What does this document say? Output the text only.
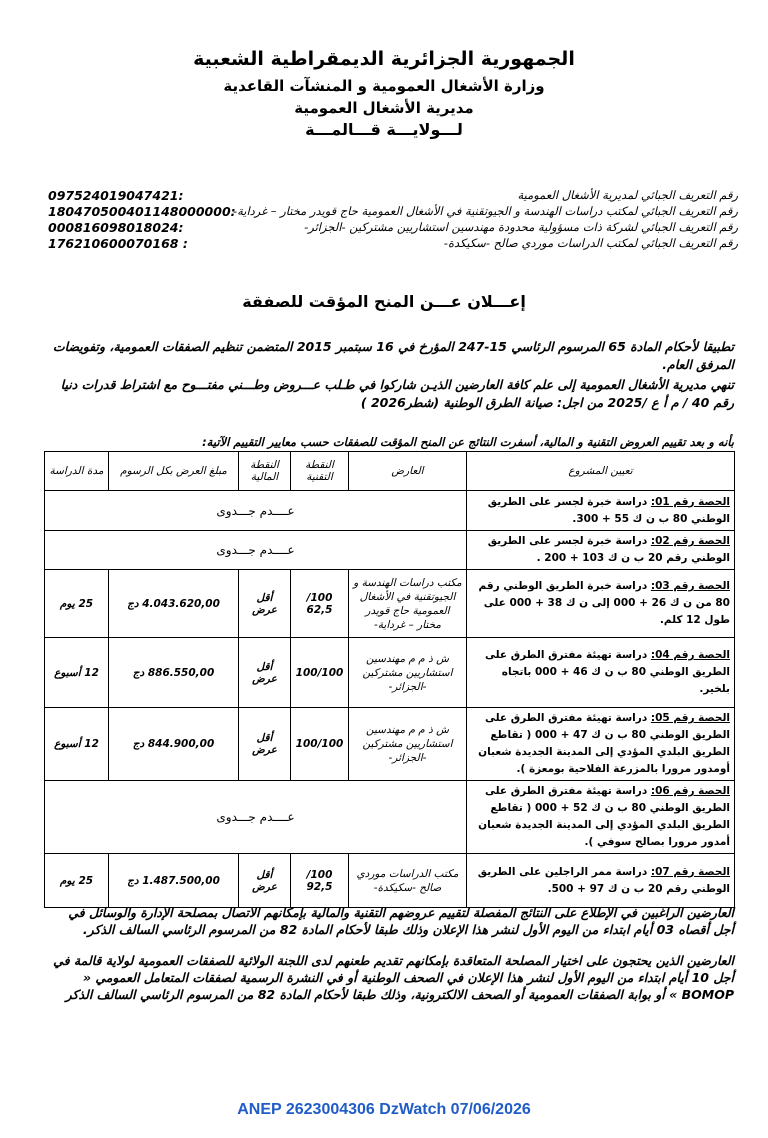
الجمهورية الجزائرية الديمقراطية الشعبية
وزارة الأشغال العمومية و المنشآت القاعدية
مديرية الأشغال العمومية
لـــولايـــة قـــالمـــة
رقم التعريف الجبائي لمديرية الأشغال العمومية
097524019047421:
رقم التعريف الجبائي لمكتب دراسات الهندسة و الجيوتقنية في الأشغال العمومية حاج قويدر مختار – غرداية-
180470500401148000000:
رقم التعريف الجبائي لشركة ذات مسؤولية محدودة مهندسين استشاريين مشتركين -الجزائر-
000816098018024:
رقم التعريف الجبائي لمكتب الدراسات موردي صالح -سكيكدة-
176210600070168 :
إعـــلان عـــن المنح المؤقت للصفقة
تطبيقا لأحكام المادة 65 المرسوم الرئاسي 15-247 المؤرخ في 16 سبتمبر 2015 المتضمن تنظيم الصفقات العمومية، وتفويضات المرفق العام.
تنهي مديرية الأشغال العمومية إلى علم كافة العارضين الذيـن شاركوا في طـلب عـــروض وطـــني مفتـــوح مع اشتراط قدرات دنيا رقم 40 / م أ ع /2025 من اجل: صيانة الطرق الوطنية (شطر2026 )
بأنه و بعد تقييم العروض التقنية و المالية، أسفرت النتائج عن المنح المؤقت للصفقات حسب معايير التقييم الآتية:
تعيين المشروع	العارض	النقطة التقنية	النقطة المالية	مبلغ العرض بكل الرسوم	مدة الدراسة
الحصة رقم 01: دراسة خبرة لجسر على الطريق الوطني 80 ب ن ك 55 + 300.	عــــدم جـــدوى				
الحصة رقم 02: دراسة خبرة لجسر على الطريق الوطني رقم 20 ب ن ك 103 + 200 .	عــــدم جـــدوى				
الحصة رقم 03: دراسة خبرة الطريق الوطني رقم 80 من ن ك 26 + 000 إلى ن ك 38 + 000 على طول 12 كلم.	مكتب دراسات الهندسة و الجيوتقنية في الأشغال العمومية حاج قويدر مختار – غرداية-	100/ 62,5	أقل عرض	4.043.620,00 دج	25 يوم
الحصة رقم 04: دراسة تهيئة مفترق الطرق على الطريق الوطني 80 ب ن ك 46 + 000 باتجاه بلخير.	ش ذ م م مهندسين استشاريين مشتركين -الجزائر-	100/100	أقل عرض	886.550,00 دج	12 أسبوع
الحصة رقم 05: دراسة تهيئة مفترق الطرق على الطريق الوطني 80 ب ن ك 47 + 000 ( تقاطع الطريق البلدي المؤدي إلى المدينة الجديدة شعبان أومدور مرورا بالمزرعة الفلاحية بومعزة ).	ش ذ م م مهندسين استشاريين مشتركين -الجزائر-	100/100	أقل عرض	844.900,00 دج	12 أسبوع
الحصة رقم 06: دراسة تهيئة مفترق الطرق على الطريق الوطني 80 ب ن ك 52 + 000 ( تقاطع الطريق البلدي المؤدي إلى المدينة الجديدة شعبان أمدور مرورا بصالح سوفي ).	عــــدم جـــدوى				
الحصة رقم 07: دراسة ممر الراجلين على الطريق الوطني رقم 20 ب ن ك 97 + 500.	مكتب الدراسات موردي صالح -سكيكدة-	100/ 92,5	أقل عرض	1.487.500,00 دج	25 يوم
العارضين الراغبين في الإطلاع على النتائج المفصلة لتقييم عروضهم التقنية والمالية بإمكانهم الاتصال بمصلحة الإدارة والوسائل في أجل أقصاه 03 أيام ابتداء من اليوم الأول لنشر هذا الإعلان وذلك طبقا لأحكام المادة 82 من المرسوم الرئاسي السالف الذكر.
العارضين الذين يحتجون على اختيار المصلحة المتعاقدة بإمكانهم تقديم طعنهم لدى اللجنة الولائية للصفقات العمومية لولاية قالمة في أجل 10 أيام ابتداء من اليوم الأول لنشر هذا الإعلان في الصحف الوطنية أو في النشرة الرسمية لصفقات المتعامل العمومي « BOMOP » أو بوابة الصفقات العمومية أو الصحف الالكترونية، وذلك طبقا لأحكام المادة 82 من المرسوم الرئاسي السالف الذكر
ANEP 2623004306 DzWatch 07/06/2026
